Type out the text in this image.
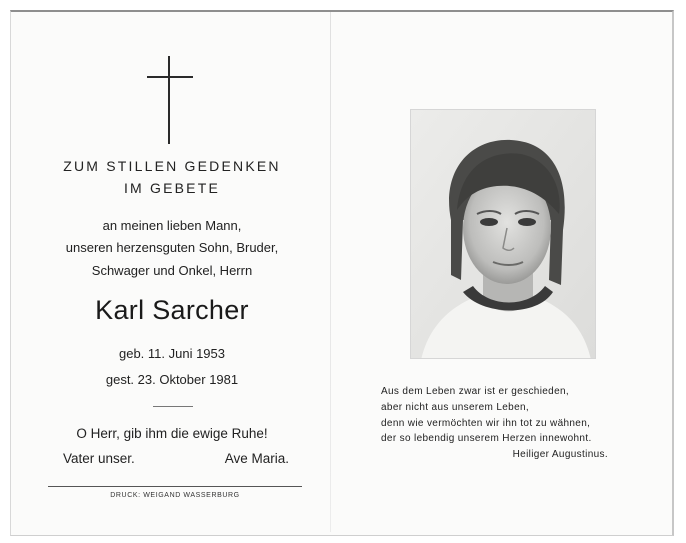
ZUM STILLEN GEDENKEN
IM GEBETE
an meinen lieben Mann,
unseren herzensguten Sohn, Bruder,
Schwager und Onkel, Herrn
Karl Sarcher
geb. 11. Juni 1953
gest. 23. Oktober 1981
O Herr, gib ihm die ewige Ruhe!
Vater unser.	Ave Maria.
DRUCK: WEIGAND WASSERBURG
Aus dem Leben zwar ist er geschieden,
aber nicht aus unserem Leben,
denn wie vermöchten wir ihn tot zu wähnen,
der so lebendig unserem Herzen innewohnt.
Heiliger Augustinus.
